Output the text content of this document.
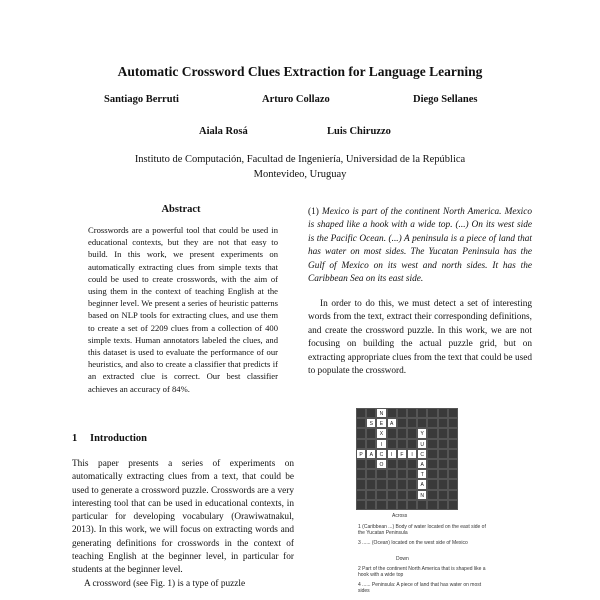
Automatic Crossword Clues Extraction for Language Learning
Santiago Berruti	Arturo Collazo	Diego Sellanes
Aiala Rosá	Luis Chiruzzo
Instituto de Computación, Facultad de Ingeniería, Universidad de la República
Montevideo, Uruguay
Abstract
Crosswords are a powerful tool that could be used in educational contexts, but they are not that easy to build. In this work, we present experiments on automatically extracting clues from simple texts that could be used to create crosswords, with the aim of using them in the context of teaching English at the beginner level. We present a series of heuristic patterns based on NLP tools for extracting clues, and use them to create a set of 2209 clues from a collection of 400 simple texts. Human annotators labeled the clues, and this dataset is used to evaluate the performance of our heuristics, and also to create a classifier that predicts if an extracted clue is correct. Our best classifier achieves an accuracy of 84%.
1 Introduction

This paper presents a series of experiments on automatically extracting clues from a text, that could be used to generate a crossword puzzle. Crosswords are a very interesting tool that can be used in educational contexts, in particular for developing vocabulary (Orawiwatnakul, 2013). In this work, we will focus on extracting words and generating definitions for crosswords in the context of teaching English at the beginner level, in particular for students at the beginner level.

A crossword (see Fig. 1) is a type of puzzle

(1) Mexico is part of the continent North America. Mexico is shaped like a hook with a wide top. (...) On its west side is the Pacific Ocean. (...) A peninsula is a piece of land that has water on most sides. The Yucatan Peninsula has the Gulf of Mexico on its west and north sides. It has the Caribbean Sea on its east side.

In order to do this, we must detect a set of interesting words from the text, extract their corresponding definitions, and create the crossword puzzle. In this work, we are not focusing on building the actual puzzle grid, but on extracting appropriate clues from the text that could be used to populate the crossword.

N
S	E	A
X	Y
I	U
P	A	C	I	F	I	C
O	A
T
A
N
Across
1 (Caribbean ...) Body of water located on the east side of the Yucatan Peninsula
3 ...... (Ocean) located on the west side of Mexico
Down
2 Part of the continent North America that is shaped like a hook with a wide top
4 ...... Peninsula: A piece of land that has water on most sides
